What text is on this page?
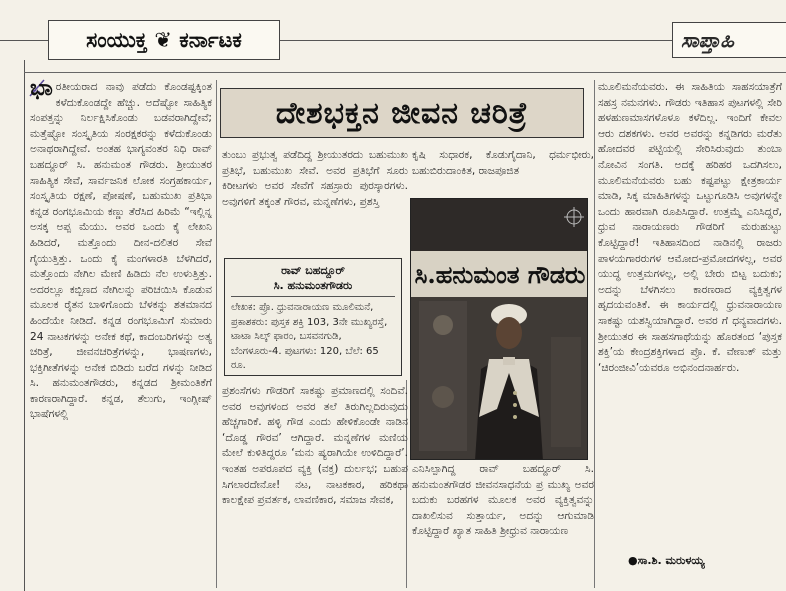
ಸಂಯುಕ್ತ ❦ ಕರ್ನಾಟಕ	ಸಾಪ್ತಾಹಿ
ಭಾರತೀಯರಾದ ನಾವು ಪಡೆದು ಕೊಂಡಷ್ಟಕ್ಕಿಂತ ಕಳೆದುಕೊಂಡದ್ದೇ ಹೆಚ್ಚು. ಅದೆಷ್ಟೋ ಸಾಹಿತ್ಯಿಕ ಸಂಪತ್ತನ್ನು ನಿರ್ಲಕ್ಷಿಸಿಕೊಂಡು ಬಡವರಾಗಿದ್ದೇವೆ; ಮತ್ತೆಷ್ಟೋ ಸಂಸ್ಕೃತಿಯ ಸಂರಕ್ಷಕರನ್ನು ಕಳೆದುಕೊಂಡು ಅನಾಥರಾಗಿದ್ದೇವೆ. ಅಂತಹ ಭಾಗ್ಯವಂತರ ನಿಧಿ ರಾವ್ ಬಹದ್ದೂರ್ ಸಿ. ಹನುಮಂತ ಗೌಡರು. ಶ್ರೀಯುತರ ಸಾಹಿತ್ಯಿಕ ಸೇವೆ, ಸಾರ್ವಜನಿಕ ಲೋಕ ಸಂಗ್ರಹಕಾರ್ಯ, ಸಂಸ್ಕೃತಿಯ ರಕ್ಷಣೆ, ಪೋಷಣೆ, ಬಹುಮುಖ ಪ್ರತಿಭಾ ಕನ್ನಡ ರಂಗಭೂಮಿಯ ಕಣ್ಣು ತೆರೆಸಿದ ಹಿರಿಮೆ “ಇಲ್ಲಿನ್ನ ಅಸಕ್ಕ ಅಪ್ಪ ಮೆಯು. ಅವರ ಒಂದು ಕೈ ಲೇಖನಿ ಹಿಡಿದರೆ, ಮತ್ತೊಂದು ದೀನ-ದಲಿತರ ಸೇವೆ ಗೈಯುತ್ತಿತ್ತು. ಒಂದು ಕೈ ಮಂಗಳಾರತಿ ಬೆಳಗಿದರೆ, ಮತ್ತೊಂದು ನೇಗಿಲ ಮೇಣಿ ಹಿಡಿದು ನೆಲ ಉಳುತ್ತಿತ್ತು. ಅದರಲ್ಲೂ ಕಬ್ಬಿಣದ ನೇಗಿಲನ್ನು ಪರಿಚಯಿಸಿ ಕೊಡುವ ಮೂಲಕ ರೈತನ ಬಾಳಿಗೊಂದು ಬೆಳಕನ್ನು ಶತಮಾನದ ಹಿಂದೆಯೇ ನೀಡಿದೆ. ಕನ್ನಡ ರಂಗಭೂಮಿಗೆ ಸುಮಾರು 24 ನಾಟಕಗಳನ್ನು ಅನೇಕ ಕಥೆ, ಕಾದಂಬರಿಗಳನ್ನು ಅತ್ಯ ಚರಿತ್ರೆ, ಜೀವನಚರಿತ್ರೆಗಳನ್ನು, ಭಾಷಣಗಳು, ಭಕ್ತಿಗೀತೆಗಳನ್ನು ಅನೇಕ ಬಿಡಿದು ಬರೆದ ಗಳನ್ನು ನೀಡಿದ ಸಿ. ಹನುಮಂತಗೌಡರು, ಕನ್ನಡದ ಶ್ರೀಮಂತಿಕೆಗೆ ಕಾರಣರಾಗಿದ್ದಾರೆ. ಕನ್ನಡ, ತೆಲುಗು, ಇಂಗ್ಲೀಷ್ ಭಾಷೆಗಳಲ್ಲಿ
ದೇಶಭಕ್ತನ ಜೀವನ ಚರಿತ್ರೆ
ತುಂಬು ಪ್ರಭುತ್ವ ಪಡೆದಿದ್ದ ಶ್ರೀಯುತರದು ಬಹುಮುಖ ಪ್ರತಿಭೆ, ಬಹುಮುಖ ಸೇವೆ. ಅವರ ಪ್ರತಿಭೆಗೆ ಸೂರು ಕಿರೀಟಗಳು ಅವರ ಸೇವೆಗೆ ಸಹಸ್ರಾರು ಪುರಸ್ಕಾರಗಳು. ಅವುಗಳಿಗೆ ತಕ್ಕಂತೆ ಗೌರವ, ಮನ್ನಣೆಗಳು, ಪ್ರಶಸ್ತಿ
ರಾವ್ ಬಹದ್ದೂರ್
ಸಿ. ಹನುಮಂತಗೌಡರು
ಲೇಖಕ: ಪ್ರೊ. ಧ್ರುವನಾರಾಯಣ ಮೂಲಿಮನೆ, ಪ್ರಕಾಶಕರು: ಪುಸ್ತಕ ಶಕ್ತಿ 103, 3ನೇ ಮುಖ್ಯರಸ್ತೆ, ಟಾಟಾ ಸಿಲ್ಕ್ ಫಾರಂ, ಬಸವನಗುಡಿ, ಬೆಂಗಳೂರು-4. ಪುಟಗಳು: 120, ಬೆಲೆ: 65 ರೂ.
ಪ್ರಶಂಸೆಗಳು ಗೌಡರಿಗೆ ಸಾಕಷ್ಟು ಪ್ರಮಾಣದಲ್ಲಿ ಸಂದಿವೆ. ಅವರ ಅವುಗಳಂದ ಅವರ ತಲೆ ತಿರುಗಿಲ್ಲದಿರುವುದು ಹೆಚ್ಚಗಾರಿಕೆ. ಹಳ್ಳಿ ಗೌಡ ಎಂದು ಹೇಳಿಕೊಂಡೇ ನಾಡಿನ ‘ದೊಡ್ಡ ಗೌರವ’ ಆಗಿದ್ದಾರೆ. ಮನ್ನಣೆಗಳ ಮಣಿಯ ಮೇಲೆ ಕುಳಿತಿದ್ದರೂ ‘ಮನು ಷ್ಯರಾಗಿಯೇ ಉಳಿದಿದ್ದಾರೆ’. ಇಂತಹ ಅಪರೂಪದ ವ್ಯಕ್ತಿ (ವಕ್ತ) ದುರ್ಲಭ; ಬಹುಪ ಸಿಗಲಾರದೇನೋ! ನಟ, ನಾಟಕಕಾರ, ಹರಿಕಥಾ ಕಾಲಕ್ಷೇಪ ಪ್ರವರ್ತಕ, ಲಾವಣಿಕಾರ, ಸಮಾಜ ಸೇವಕ,
ಕೃಷಿ ಸುಧಾರಕ, ಕೊಡುಗೈದಾನಿ, ಧರ್ಮಭೀರು, ಬಹುಬಿರುದಾಂಕಿತ, ರಾಜಪೂಜಿತ
ಸಿ.ಹನುಮಂತ ಗೌಡರು
ಎನಿಸಿಲ್ಪಾಗಿದ್ದ ರಾವ್ ಬಹದ್ದೂರ್ ಸಿ. ಹನುಮಂತಗೌಡರ ಜೀವನಸಾಧನೆಯ ಪ್ರ ಮುಖ್ಯ ಅವರ ಬದುಕು ಬರಹಗಳ ಮೂಲಕ ಅವರ ವ್ಯಕ್ತಿತ್ವವನ್ನು ದಾಖಲಿಸುವ ಸುತ್ತಾರ್ಯ, ಅದನ್ನು ಆಗುಮಾಡಿ ಕೊಟ್ಟಿದ್ದಾರೆ ಖ್ಯಾತ ಸಾಹಿತಿ ಶ್ರೀಧ್ರುವ ನಾರಾಯಣ
ಮೂಲಿಮನೆಯವರು. ಈ ಸಾಹಿತಿಯ ಸಾಹಸಯಾತ್ರೆಗೆ ಸಹಸ್ರ ನಮನಗಳು. ಗೌಡರು ಇತಿಹಾಸ ಪುಟಗಳಲ್ಲಿ ಸೇರಿ ಹಳಹುಣಮಾಸಗಳೊಳೂ ಕಳೆದಿಲ್ಲ. ಇಂದಿಗೆ ಕೇವಲ ಆರು ದಶಕಗಳು. ಅವರ ಅವರನ್ನು ಕನ್ನಡಿಗರು ಮರೆತು ಹೋದವರ ಪಟ್ಟಿಯಲ್ಲಿ ಸೇರಿಸಿರುವುದು ತುಂಬಾ ನೋವಿನ ಸಂಗತಿ. ಅದಕ್ಕೆ ಹರಿಹರ ಒದಗಿಸಲು, ಮೂಲಿಮನೆಯವರು ಬಹು ಕಷ್ಟಪಟ್ಟು ಕ್ಷೇತ್ರಕಾರ್ಯ ಮಾಡಿ, ಸಿಕ್ಕ ಮಾಹಿತಿಗಳನ್ನು ಒಟ್ಟುಗೂಡಿಸಿ ಅವುಗಳನ್ನೇ ಒಂದು ಹಾರವಾಗಿ ರೂಪಿಸಿದ್ದಾರೆ. ಉತ್ತಮ್ಮೆ ಎನಿಸಿದ್ದರೆ, ಧ್ರುವ ನಾರಾಯಣರು ಗೌಡರಿಗೆ ಮರುಹುಟ್ಟು ಕೊಟ್ಟಿದ್ದಾರೆ! ಇತಿಹಾಸದಿಂದ ನಾಡಿನಲ್ಲಿ ರಾಜರು ಪಾಳಯಗಾರರುಗಳ ಆಮೋದ-ಪ್ರಮೋದಗಳಲ್ಲ, ಅವರ ಯುದ್ಧ ಉತ್ತಮಗಳಲ್ಲ, ಅಲ್ಲಿ ಬೇರು ಬಿಟ್ಟ ಬದುಕು; ಅದನ್ನು ಬೆಳಗಿಸಲು ಕಾರಣರಾದ ವ್ಯಕ್ತಿತ್ವಗಳ ಹೃದಯವಂತಿಕೆ. ಈ ಕಾರ್ಯದಲ್ಲಿ ಧ್ರುವನಾರಾಯಣ ಸಾಕಷ್ಟು ಯಶಸ್ವಿಯಾಗಿದ್ದಾರೆ. ಅವರ ಗೆ ಧನ್ಯವಾದಗಳು. ಶ್ರೀಯುತರ ಈ ಸಾಹಸಗಾಥೆಯನ್ನು ಹೊರತಂದ ‘ಪುಸ್ತಕ ಶಕ್ತಿ’ಯ ಕೇಂದ್ರಶಕ್ತಿಗಳಾದ ಪ್ರೊ. ಕೆ. ವೇಣುಕ್ ಮತ್ತು ‘ಚಿರಂಜೀವಿ’ಯವರೂ ಅಭಿನಂದನಾರ್ಹರು.
●ಸಾ.ಶಿ. ಮರುಳಯ್ಯ
